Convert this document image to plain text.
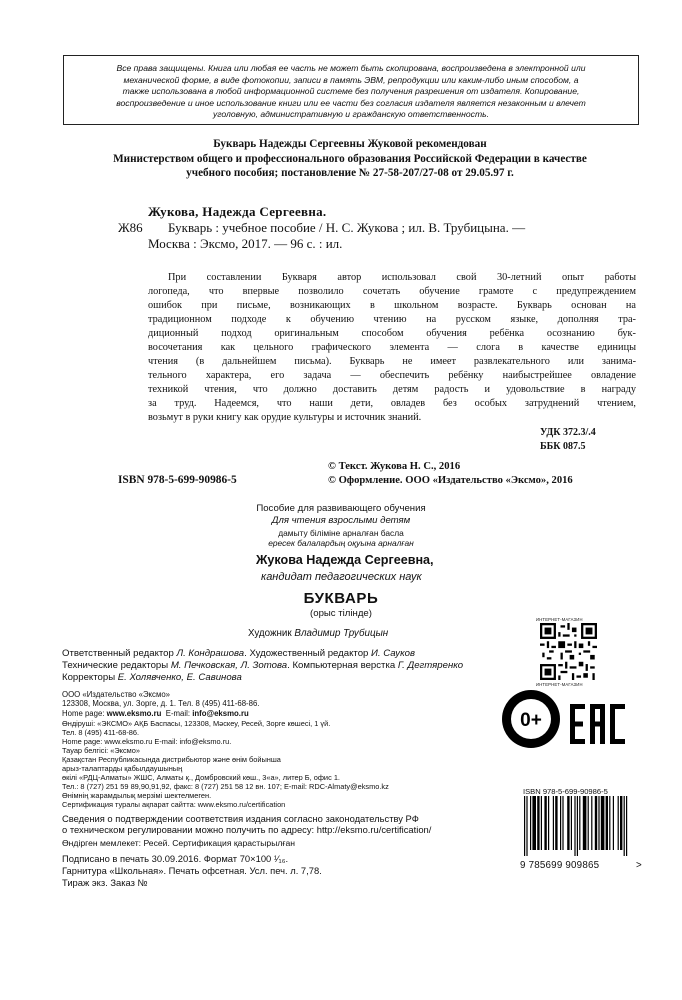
Все права защищены. Книга или любая ее часть не может быть скопирована, воспроизведена в электронной или
механической форме, в виде фотокопии, записи в память ЭВМ, репродукции или каким-либо иным способом, а
также использована в любой информационной системе без получения разрешения от издателя. Копирование,
воспроизведение и иное использование книги или ее части без согласия издателя является незаконным и влечет
уголовную, административную и гражданскую ответственность.
Букварь Надежды Сергеевны Жуковой рекомендован
Министерством общего и профессионального образования Российской Федерации в качестве
учебного пособия; постановление № 27-58-207/27-08 от 29.05.97 г.
Жукова, Надежда Сергеевна.
Ж86 Букварь : учебное пособие / Н. С. Жукова ; ил. В. Трубицына. —
Москва : Эксмо, 2017. — 96 с. : ил.
При составлении Букваря автор использовал свой 30-летний опыт работы
логопеда, что впервые позволило сочетать обучение грамоте с предупреждением
ошибок при письме, возникающих в школьном возрасте. Букварь основан на
традиционном подходе к обучению чтению на русском языке, дополняя тра-
диционный подход оригинальным способом обучения ребёнка осознанию бук-
восочетания как цельного графического элемента — слога в качестве единицы
чтения (в дальнейшем письма). Букварь не имеет развлекательного или занима-
тельного характера, его задача — обеспечить ребёнку наибыстрейшее овладение
техникой чтения, что должно доставить детям радость и удовольствие в награду
за труд. Надеемся, что наши дети, овладев без особых затруднений чтением,
возьмут в руки книгу как орудие культуры и источник знаний.
УДК 372.3/.4
ББК 087.5
© Текст. Жукова Н. С., 2016
ISBN 978-5-699-90986-5	© Оформление. ООО «Издательство «Эксмо», 2016
Пособие для развивающего обучения
Для чтения взрослыми детям
дамыту біліміне арналған басла
ересек балалардың оқуына арналған
Жукова Надежда Сергеевна,
кандидат педагогических наук
БУКВАРЬ
(орыс тілінде)
Художник Владимир Трубицын
Ответственный редактор Л. Кондрашова. Художественный редактор И. Сауков
Технические редакторы М. Печковская, Л. Зотова. Компьютерная верстка Г. Дегтяренко
Корректоры Е. Холявченко, Е. Савинова
ООО «Издательство «Эксмо»
123308, Москва, ул. Зорге, д. 1. Тел. 8 (495) 411-68-86.
Home page: www.eksmo.ru E-mail: info@eksmo.ru
Өндіруші: «ЭКСМО» АҚБ Баспасы, 123308, Мәскеу, Ресей, Зорге көшесі, 1 үй.
Тел. 8 (495) 411-68-86.
Home page: www.eksmo.ru E-mail: info@eksmo.ru.
Тауар белгісі: «Эксмо»
Қазақстан Республикасында дистрибьютор және өнім бойынша
арыз-талаптарды қабылдаушының
өкілі «РДЦ-Алматы» ЖШС, Алматы қ., Домбровский көш., 3«а», литер Б, офис 1.
Тел.: 8 (727) 251 59 89,90,91,92, факс: 8 (727) 251 58 12 вн. 107; E-mail: RDC-Almaty@eksmo.kz
Өнімнің жарамдылық мерзімі шектелмеген.
Сертификация туралы ақпарат сайтта: www.eksmo.ru/certification
Сведения о подтверждении соответствия издания согласно законодательству РФ
о техническом регулировании можно получить по адресу: http://eksmo.ru/certification/
Өндірген мемлекет: Ресей. Сертификация қарастырылған
Подписано в печать 30.09.2016. Формат 70×100 ¹⁄₁₆.
Гарнитура «Школьная». Печать офсетная. Усл. печ. л. 7,78.
Тираж экз. Заказ №
ИНТЕРНЕТ-МАГАЗИН
ИНТЕРНЕТ-МАГАЗИН
0+
ISBN 978-5-699-90986-5
9 785699 909865	>
